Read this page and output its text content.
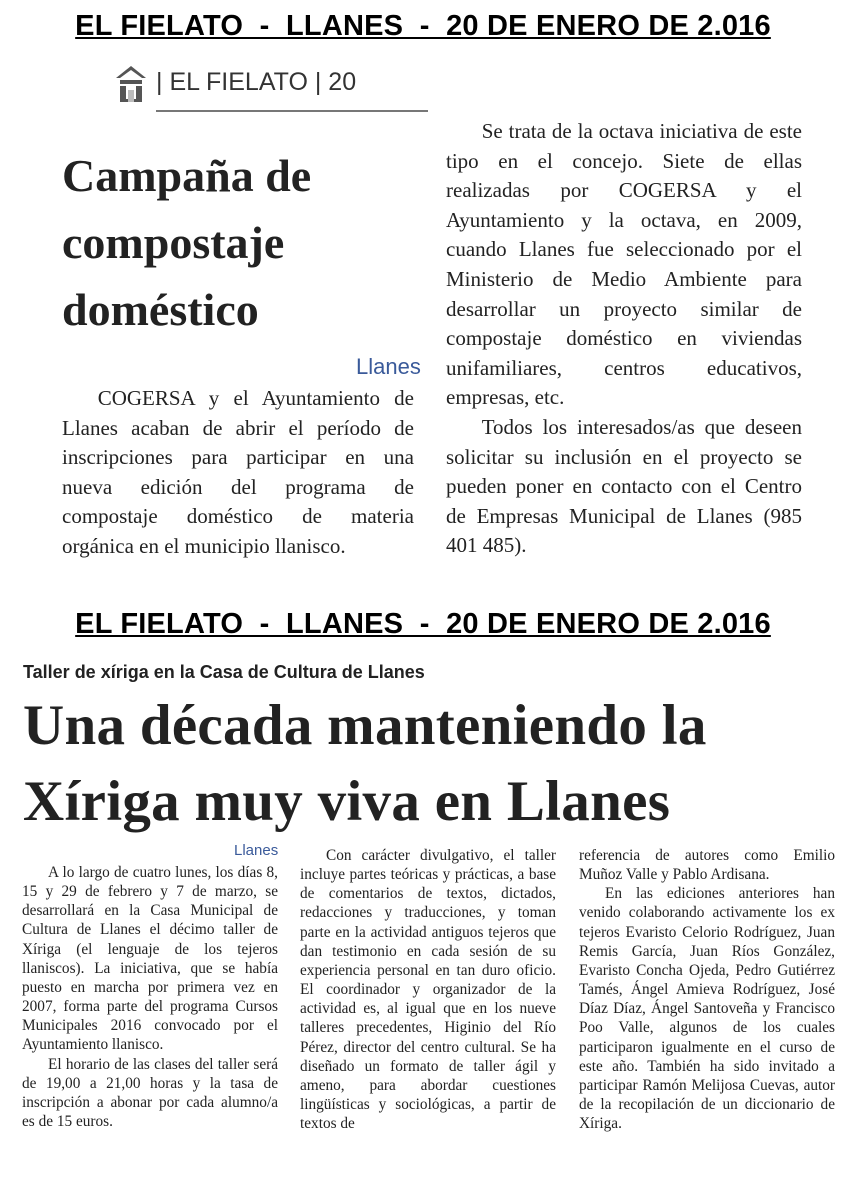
EL FIELATO  -  LLANES  -  20 DE ENERO DE 2.016
| EL FIELATO | 20
Campaña de compostaje doméstico
Llanes

COGERSA y el Ayuntamiento de Llanes acaban de abrir el período de inscripciones para participar en una nueva edición del programa de compostaje doméstico de materia orgánica en el municipio llanisco.

Se trata de la octava iniciativa de este tipo en el concejo. Siete de ellas realizadas por COGERSA y el Ayuntamiento y la octava, en 2009, cuando Llanes fue seleccionado por el Ministerio de Medio Ambiente para desarrollar un proyecto similar de compostaje doméstico en viviendas unifamiliares, centros educativos, empresas, etc.

Todos los interesados/as que deseen solicitar su inclusión en el proyecto se pueden poner en contacto con el Centro de Empresas Municipal de Llanes (985 401 485).

EL FIELATO  -  LLANES  -  20 DE ENERO DE 2.016
Taller de xíriga en la Casa de Cultura de Llanes
Una década manteniendo la Xíriga muy viva en Llanes
Llanes

A lo largo de cuatro lunes, los días 8, 15 y 29 de febrero y 7 de marzo, se desarrollará en la Casa Municipal de Cultura de Llanes el décimo taller de Xíriga (el lenguaje de los tejeros llaniscos). La iniciativa, que se había puesto en marcha por primera vez en 2007, forma parte del programa Cursos Municipales 2016 convocado por el Ayuntamiento llanisco.

El horario de las clases del taller será de 19,00 a 21,00 horas y la tasa de inscripción a abonar por cada alumno/a es de 15 euros.

Con carácter divulgativo, el taller incluye partes teóricas y prácticas, a base de comentarios de textos, dictados, redacciones y traducciones, y toman parte en la actividad antiguos tejeros que dan testimonio en cada sesión de su experiencia personal en tan duro oficio. El coordinador y organizador de la actividad es, al igual que en los nueve talleres precedentes, Higinio del Río Pérez, director del centro cultural. Se ha diseñado un formato de taller ágil y ameno, para abordar cuestiones lingüísticas y sociológicas, a partir de textos de

referencia de autores como Emilio Muñoz Valle y Pablo Ardisana.

En las ediciones anteriores han venido colaborando activamente los ex tejeros Evaristo Celorio Rodríguez, Juan Remis García, Juan Ríos González, Evaristo Concha Ojeda, Pedro Gutiérrez Tamés, Ángel Amieva Rodríguez, José Díaz Díaz, Ángel Santoveña y Francisco Poo Valle, algunos de los cuales participaron igualmente en el curso de este año. También ha sido invitado a participar Ramón Melijosa Cuevas, autor de la recopilación de un diccionario de Xíriga.
